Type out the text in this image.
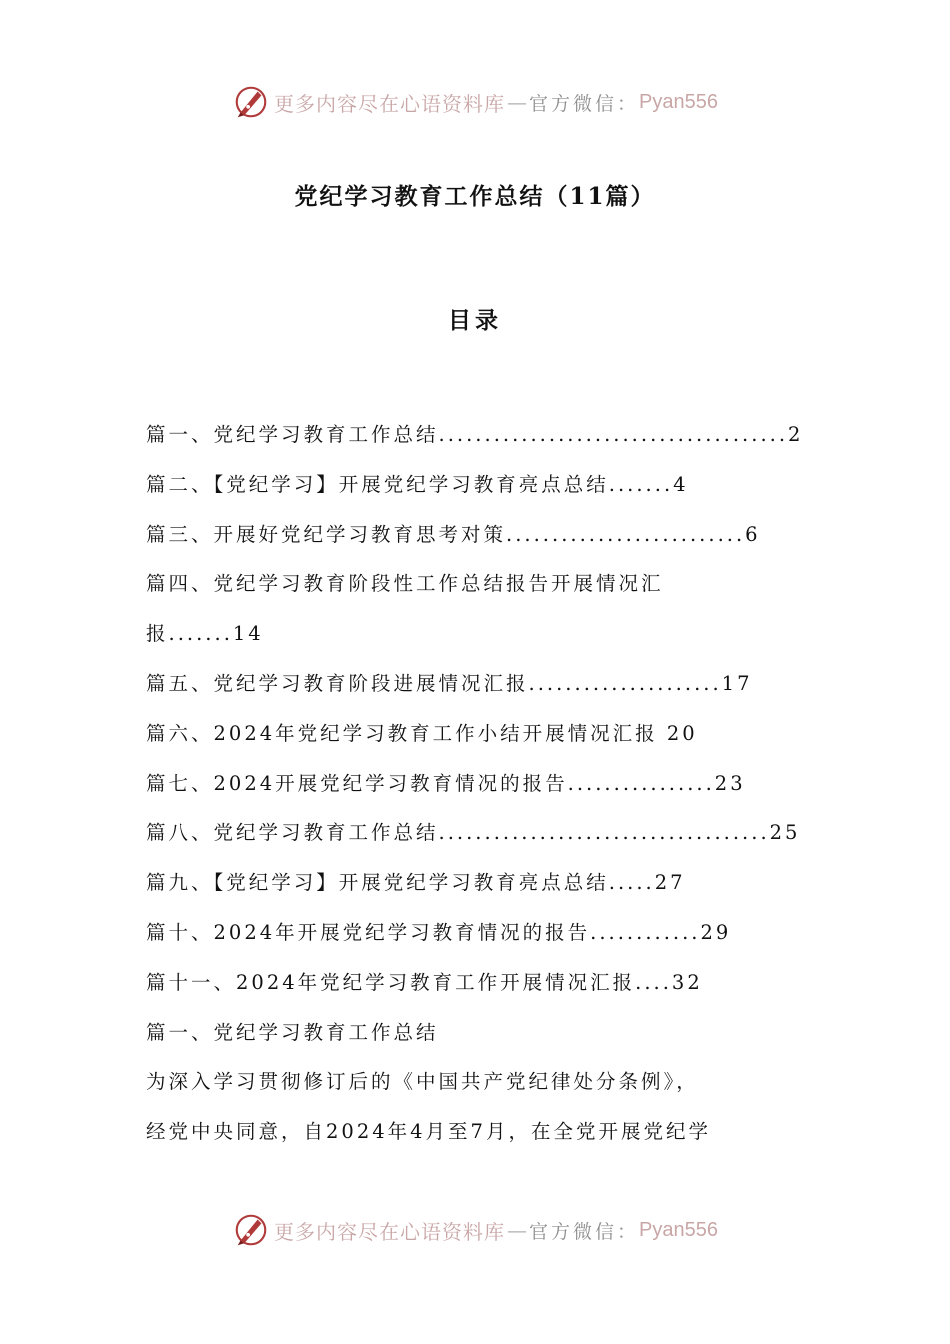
更多内容尽在心语资料库 — 官方微信： Pyan556
党纪学习教育工作总结（11篇）
目录
篇一、党纪学习教育工作总结......................................2
篇二、【党纪学习】开展党纪学习教育亮点总结.......4
篇三、开展好党纪学习教育思考对策..........................6
篇四、党纪学习教育阶段性工作总结报告开展情况汇
报.......14
篇五、党纪学习教育阶段进展情况汇报.....................17
篇六、2024年党纪学习教育工作小结开展情况汇报 20
篇七、2024开展党纪学习教育情况的报告................23
篇八、党纪学习教育工作总结....................................25
篇九、【党纪学习】开展党纪学习教育亮点总结.....27
篇十、2024年开展党纪学习教育情况的报告............29
篇十一、2024年党纪学习教育工作开展情况汇报....32
篇一、党纪学习教育工作总结
为深入学习贯彻修订后的《中国共产党纪律处分条例》，
经党中央同意，自2024年4月至7月，在全党开展党纪学
更多内容尽在心语资料库 — 官方微信： Pyan556
